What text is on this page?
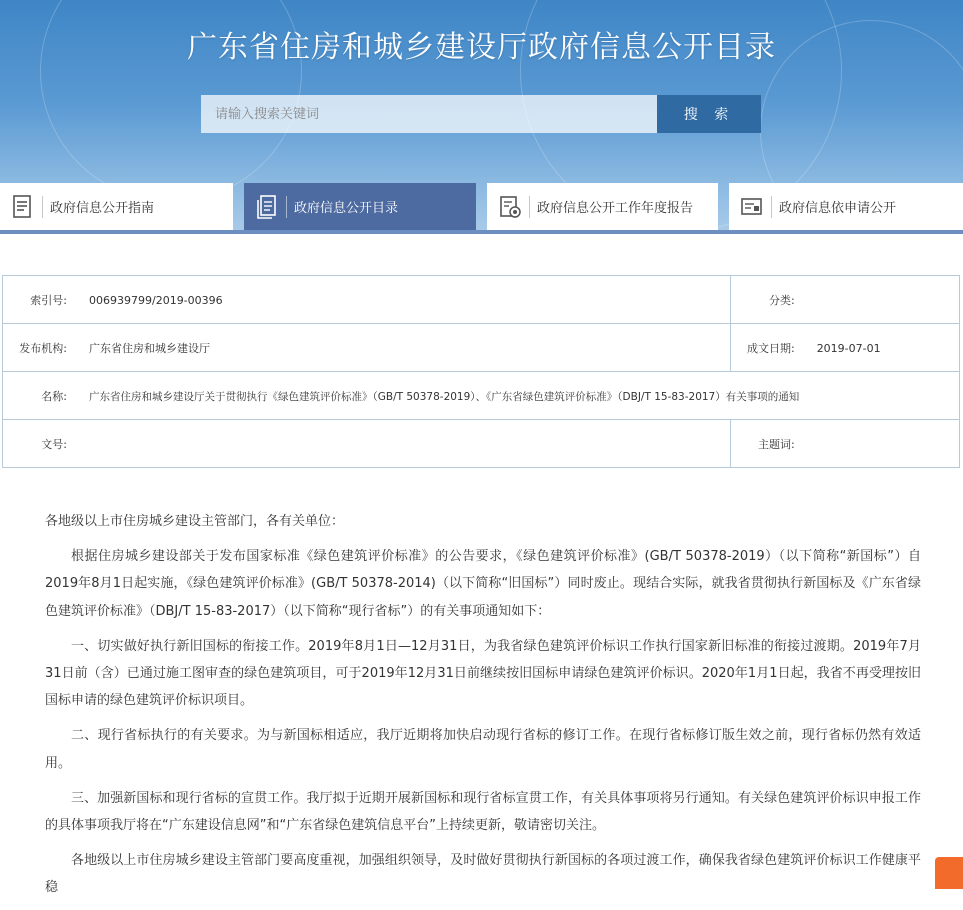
广东省住房和城乡建设厅政府信息公开目录
请输入搜索关键词
搜 索
政府信息公开指南	政府信息公开目录	政府信息公开工作年度报告	政府信息依申请公开
索引号: 006939799/2019-00396	分类:
发布机构: 广东省住房和城乡建设厅	成文日期: 2019-07-01
名称: 广东省住房和城乡建设厅关于贯彻执行《绿色建筑评价标准》（GB/T 50378-2019）、《广东省绿色建筑评价标准》（DBJ/T 15-83-2017）有关事项的通知	
文号:	主题词:

各地级以上市住房城乡建设主管部门，各有关单位：

根据住房城乡建设部关于发布国家标准《绿色建筑评价标准》的公告要求，《绿色建筑评价标准》(GB/T 50378-2019）（以下简称“新国标”）自2019年8月1日起实施，《绿色建筑评价标准》(GB/T 50378-2014)（以下简称“旧国标”）同时废止。现结合实际，就我省贯彻执行新国标及《广东省绿色建筑评价标准》（DBJ/T 15-83-2017）（以下简称“现行省标”）的有关事项通知如下：

一、切实做好执行新旧国标的衔接工作。2019年8月1日—12月31日，为我省绿色建筑评价标识工作执行国家新旧标准的衔接过渡期。2019年7月31日前（含）已通过施工图审查的绿色建筑项目，可于2019年12月31日前继续按旧国标申请绿色建筑评价标识。2020年1月1日起，我省不再受理按旧国标申请的绿色建筑评价标识项目。

二、现行省标执行的有关要求。为与新国标相适应，我厅近期将加快启动现行省标的修订工作。在现行省标修订版生效之前，现行省标仍然有效适用。

三、加强新国标和现行省标的宣贯工作。我厅拟于近期开展新国标和现行省标宣贯工作，有关具体事项将另行通知。有关绿色建筑评价标识申报工作的具体事项我厅将在“广东建设信息网”和“广东省绿色建筑信息平台”上持续更新，敬请密切关注。

各地级以上市住房城乡建设主管部门要高度重视，加强组织领导，及时做好贯彻执行新国标的各项过渡工作，确保我省绿色建筑评价标识工作健康平稳
